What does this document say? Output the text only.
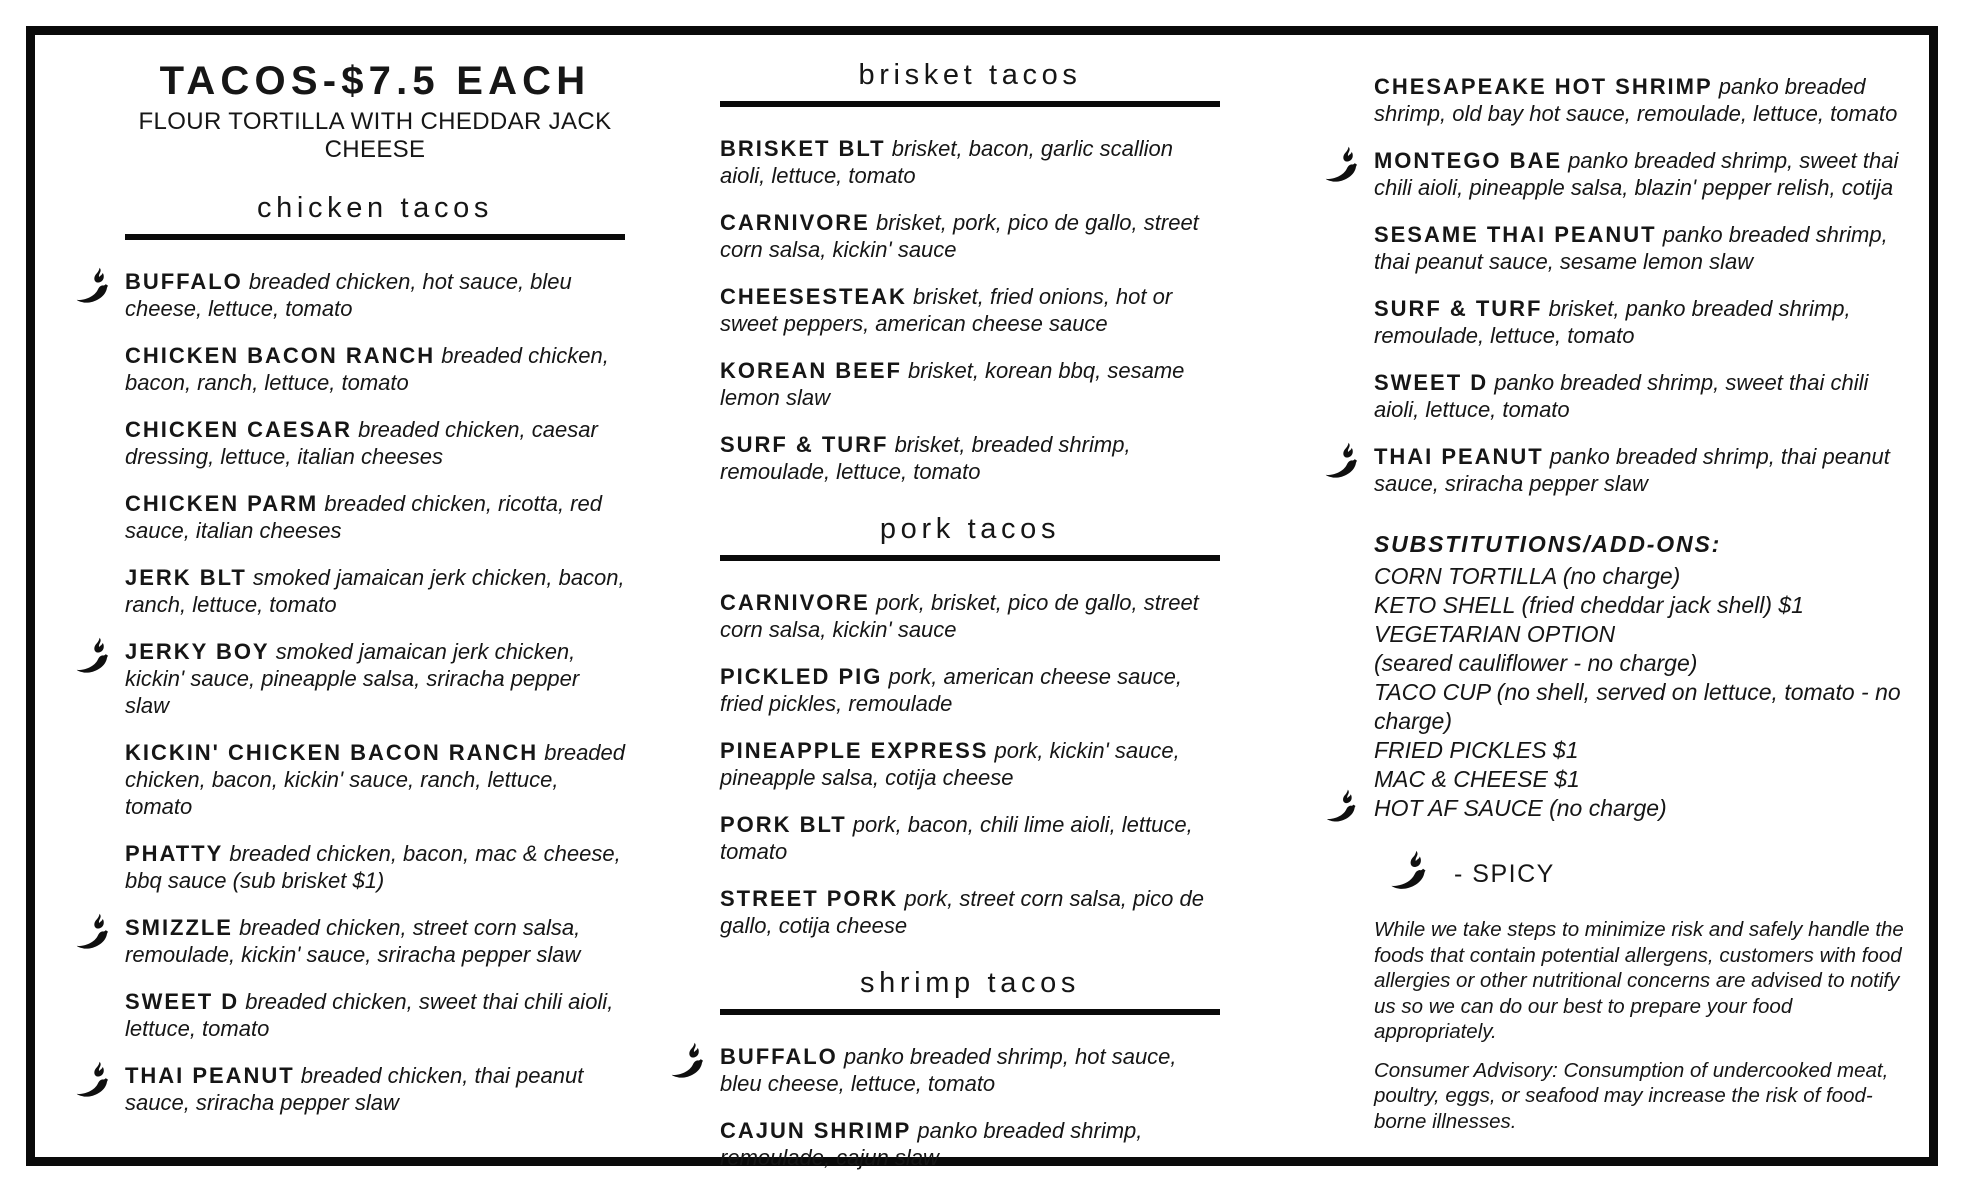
TACOS-$7.5 EACH
FLOUR TORTILLA WITH CHEDDAR JACK CHEESE
chicken tacos
BUFFALO breaded chicken, hot sauce, bleu cheese, lettuce, tomato
CHICKEN BACON RANCH breaded chicken, bacon, ranch, lettuce, tomato
CHICKEN CAESAR breaded chicken, caesar dressing, lettuce, italian cheeses
CHICKEN PARM breaded chicken, ricotta, red sauce, italian cheeses
JERK BLT smoked jamaican jerk chicken, bacon, ranch, lettuce, tomato
JERKY BOY smoked jamaican jerk chicken, kickin' sauce, pineapple salsa, sriracha pepper slaw
KICKIN' CHICKEN BACON RANCH breaded chicken, bacon, kickin' sauce, ranch, lettuce, tomato
PHATTY breaded chicken, bacon, mac & cheese, bbq sauce (sub brisket $1)
SMIZZLE breaded chicken, street corn salsa, remoulade, kickin' sauce, sriracha pepper slaw
SWEET D breaded chicken, sweet thai chili aioli, lettuce, tomato
THAI PEANUT breaded chicken, thai peanut sauce, sriracha pepper slaw
brisket tacos
BRISKET BLT brisket, bacon, garlic scallion aioli, lettuce, tomato
CARNIVORE brisket, pork, pico de gallo, street corn salsa, kickin' sauce
CHEESESTEAK brisket, fried onions, hot or sweet peppers, american cheese sauce
KOREAN BEEF brisket, korean bbq, sesame lemon slaw
SURF & TURF brisket, breaded shrimp, remoulade, lettuce, tomato
pork tacos
CARNIVORE pork, brisket, pico de gallo, street corn salsa, kickin' sauce
PICKLED PIG pork, american cheese sauce, fried pickles, remoulade
PINEAPPLE EXPRESS pork, kickin' sauce, pineapple salsa, cotija cheese
PORK BLT pork, bacon, chili lime aioli, lettuce, tomato
STREET PORK pork, street corn salsa, pico de gallo, cotija cheese
shrimp tacos
BUFFALO panko breaded shrimp, hot sauce, bleu cheese, lettuce, tomato
CAJUN SHRIMP panko breaded shrimp, remoulade, cajun slaw
CHESAPEAKE HOT SHRIMP panko breaded shrimp, old bay hot sauce, remoulade, lettuce, tomato
MONTEGO BAE panko breaded shrimp, sweet thai chili aioli, pineapple salsa, blazin' pepper relish, cotija
SESAME THAI PEANUT panko breaded shrimp, thai peanut sauce, sesame lemon slaw
SURF & TURF brisket, panko breaded shrimp, remoulade, lettuce, tomato
SWEET D panko breaded shrimp, sweet thai chili aioli, lettuce, tomato
THAI PEANUT panko breaded shrimp, thai peanut sauce, sriracha pepper slaw
SUBSTITUTIONS/ADD-ONS:
CORN TORTILLA (no charge)
KETO SHELL (fried cheddar jack shell) $1
VEGETARIAN OPTION
(seared cauliflower - no charge)
TACO CUP (no shell, served on lettuce, tomato - no charge)
FRIED PICKLES $1
MAC & CHEESE $1
HOT AF SAUCE (no charge)
- SPICY

While we take steps to minimize risk and safely handle the foods that contain potential allergens, customers with food allergies or other nutritional concerns are advised to notify us so we can do our best to prepare your food appropriately.

Consumer Advisory: Consumption of undercooked meat, poultry, eggs, or seafood may increase the risk of food-borne illnesses.
